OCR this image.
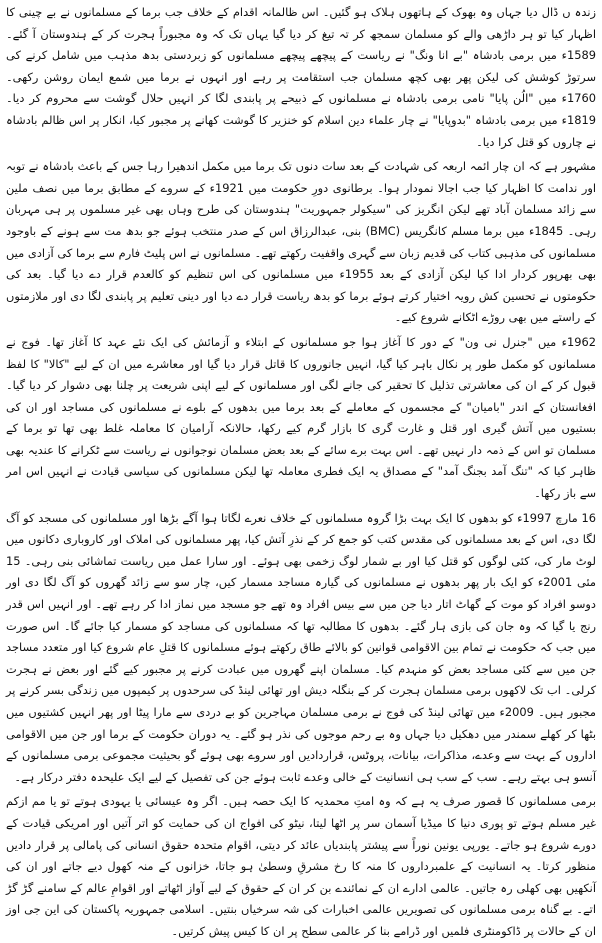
زندہ ں ڈال دیا جہاں وہ بھوک کے ہاتھوں ہلاک ہو گئیں۔ اس ظالمانہ اقدام کے خلاف جب برما کے مسلمانوں نے بے چینی کا اظہار کیا تو ہر داڑھی والے کو مسلمان سمجھ کر تہ تیغ کر دیا گیا یہاں تک کہ وہ مجبوراً ہجرت کر کے ہندوستان آ گئے۔ 1589ء میں برمی بادشاہ "بے انا ونگ" نے ریاست کے پیچھے پیچھے مسلمانوں کو زبردستی بدھ مذہب میں شامل کرنے کی سرتوڑ کوشش کی لیکن پھر بھی کچھ مسلمان جب استقامت پر رہے اور انہوں نے برما میں شمع ایمان روشن رکھی۔ 1760ء میں "الُن پایا" نامی برمی بادشاہ نے مسلمانوں کے ذبیحے پر پابندی لگا کر انہیں حلال گوشت سے محروم کر دیا۔ 1819ء میں برمی بادشاہ "بدوپایا" نے چار علماء دین اسلام کو خنزیر کا گوشت کھانے پر مجبور کیا، انکار پر اس ظالم بادشاہ نے چاروں کو قتل کرا دیا۔

مشہور ہے کہ ان چار ائمہ اربعہ کی شہادت کے بعد سات دنوں تک برما میں مکمل اندھیرا رہا جس کے باعث بادشاہ نے توبہ اور ندامت کا اظہار کیا جب اجالا نمودار ہوا۔ برطانوی دورِ حکومت میں 1921ء کے سروے کے مطابق برما میں نصف ملین سے زائد مسلمان آباد تھے لیکن انگریز کی "سیکولر جمہوریت" ہندوستان کی طرح وہاں بھی غیر مسلموں پر ہی مہربان رہی۔ 1845ء میں برما مسلم کانگریس (BMC) بنی، عبدالرزاق اس کے صدر منتخب ہوئے جو بدھ مت سے ہونے کے باوجود مسلمانوں کی مذہبی کتاب کی قدیم زبان سے گہری واقفیت رکھتے تھے۔ مسلمانوں نے اس پلیٹ فارم سے برما کی آزادی میں بھی بھرپور کردار ادا کیا لیکن آزادی کے بعد 1955ء میں مسلمانوں کی اس تنظیم کو کالعدم قرار دے دیا گیا۔ بعد کی حکومتوں نے تحسین کش رویہ اختیار کرتے ہوئے برما کو بدھ ریاست قرار دے دیا اور دینی تعلیم پر پابندی لگا دی اور ملازمتوں کے راستے میں بھی روڑے اٹکانے شروع کیے۔

1962ء میں "جنرل نی ون" کے دور کا آغاز ہوا جو مسلمانوں کے ابتلاء و آزمائش کی ایک نئے عہد کا آغاز تھا۔ فوج نے مسلمانوں کو مکمل طور پر نکال باہر کیا گیا، انہیں جانوروں کا قاتل قرار دیا گیا اور معاشرے میں ان کے لیے "کالا" کا لفظ قبول کر کے ان کی معاشرتی تذلیل کا تحقیر کی جانے لگی اور مسلمانوں کے لیے اپنی شریعت پر چلنا بھی دشوار کر دیا گیا۔ افغانستان کے اندر "بامیان" کے مجسموں کے معاملے کے بعد برما میں بدھوں کے بلوے نے مسلمانوں کی مساجد اور ان کی بستیوں میں آتش گیری اور قتل و غارت گری کا بازار گرم کیے رکھا، حالانکہ آرامیان کا معاملہ غلط بھی تھا تو برما کے مسلمان تو اس کے ذمہ دار نہیں تھے۔ اس بہت برے سائے کے بعد بعض مسلمان نوجوانوں نے ریاست سے ٹکرانے کا عندیہ بھی ظاہر کیا کہ "تنگ آمد بجنگ آمد" کے مصداق یہ ایک فطری معاملہ تھا لیکن مسلمانوں کی سیاسی قیادت نے انہیں اس امر سے باز رکھا۔

16 مارچ 1997ء کو بدھوں کا ایک بہت بڑا گروہ مسلمانوں کے خلاف نعرے لگاتا ہوا آگے بڑھا اور مسلمانوں کی مسجد کو آگ لگا دی، اس کے بعد مسلمانوں کی مقدس کتب کو جمع کر کے نذرِ آتش کیا، پھر مسلمانوں کی املاک اور کاروباری دکانوں میں لوٹ مار کی، کئی لوگوں کو قتل کیا اور بے شمار لوگ زخمی بھی ہوئے۔ اور سارا عمل میں ریاست تماشائی بنی رہی۔ 15 مئی 2001ء کو ایک بار پھر بدھوں نے مسلمانوں کی گیارہ مساجد مسمار کیں، چار سو سے زائد گھروں کو آگ لگا دی اور دوسو افراد کو موت کے گھاٹ اتار دیا جن میں سے بیس افراد وہ تھے جو مسجد میں نماز ادا کر رہے تھے۔ اور انہیں اس قدر رنج یا گیا کہ وہ جان کی بازی ہار گئے۔ بدھوں کا مطالبہ تھا کہ مسلمانوں کی مساجد کو مسمار کیا جائے گا۔ اس صورت میں جب کہ حکومت نے تمام بین الاقوامی قوانین کو بالائے طاق رکھتے ہوئے مسلمانوں کا قتلِ عام شروع کیا اور متعدد مساجد جن میں سے کئی مساجد بعض کو منہدم کیا۔ مسلمان اپنے گھروں میں عبادت کرنے پر مجبور کیے گئے اور بعض نے ہجرت کرلی۔ اب تک لاکھوں برمی مسلمان ہجرت کر کے بنگلہ دیش اور تھائی لینڈ کی سرحدوں پر کیمپوں میں زندگی بسر کرنے پر مجبور ہیں۔ 2009ء میں تھائی لینڈ کی فوج نے برمی مسلمان مہاجرین کو بے دردی سے مارا پیٹا اور پھر انہیں کشتیوں میں بٹھا کر کھلے سمندر میں دھکیل دیا جہاں وہ بے رحم موجوں کی نذر ہو گئے۔ یہ دوران حکومت کے برما اور جن میں الاقوامی اداروں کے بہت سے وعدے، مذاکرات، بیانات، پروٹس، قراردادیں اور سروے بھی ہوئے گو بحیثیت مجموعی برمی مسلمانوں کے آنسو ہی بہتے رہے۔ سب کے سب ہی انسانیت کے خالی وعدے ثابت ہوئے جن کی تفصیل کے لیے ایک علیحدہ دفتر درکار ہے۔

برمی مسلمانوں کا قصور صرف یہ ہے کہ وہ امتِ محمدیہ کا ایک حصہ ہیں۔ اگر وہ عیسائی یا یہودی ہوتے تو یا مم ازکم غیر مسلم ہوتے تو پوری دنیا کا میڈیا آسمان سر پر اٹھا لیتا، نیٹو کی افواج ان کی حمایت کو اتر آتیں اور امریکی قیادت کے دورے شروع ہو جاتے۔ یورپی یونین نوراً سے پیشتر پابندیاں عائد کر دیتی، اقوام متحدہ حقوق انسانی کی پامالی پر قرار دادیں منظور کرتا۔ یہ انسانیت کے علمبرداروں کا منہ کا رخ مشرقِ وسطیٰ ہو جاتا، خزانوں کے منہ کھول دیے جاتے اور ان کی آنکھیں بھی کھلی رہ جاتیں۔ عالمی ادارے ان کے نمائندے بن کر ان کے حقوق کے لیے آواز اٹھاتے اور اقوامِ عالم کے سامنے گڑ گڑ اتے۔ بے گناہ برمی مسلمانوں کی تصویریں عالمی اخبارات کی شہ سرخیاں بنتیں۔ اسلامی جمہوریہ پاکستان کی این جی اوز ان کے حالات پر ڈاکومنٹری فلمیں اور ڈرامے بنا کر عالمی سطح پر ان کا کیس پیش کرتیں۔
